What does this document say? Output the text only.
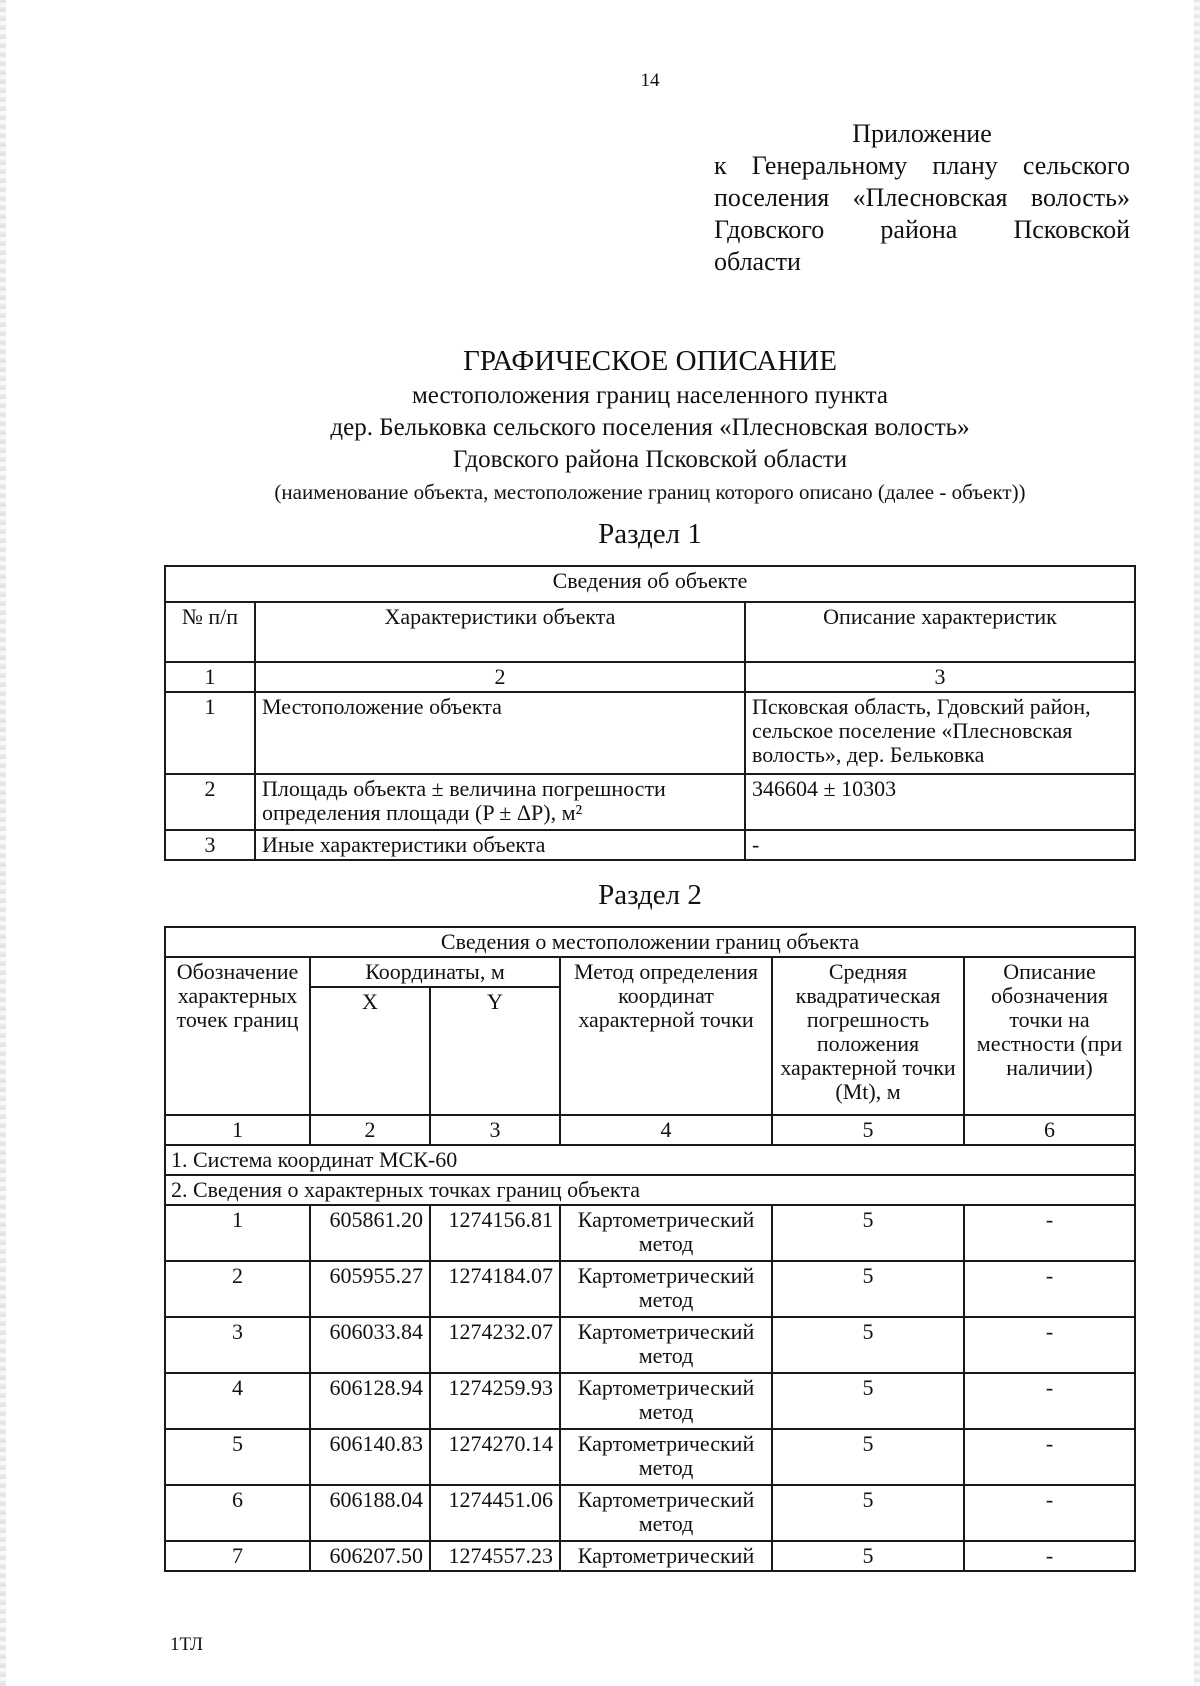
14
Приложение
к Генеральному плану сельского
поселения «Плесновская волость»
Гдовского района Псковской
области
ГРАФИЧЕСКОЕ ОПИСАНИЕ
местоположения границ населенного пункта
дер. Бельковка сельского поселения «Плесновская волость»
Гдовского района Псковской области
(наименование объекта, местоположение границ которого описано (далее - объект))
Раздел 1
Сведения об объекте		
№ п/п	Характеристики объекта	Описание характеристик
1	2	3
1	Местоположение объекта	Псковская область, Гдовский район, сельское поселение «Плесновская волость», дер. Бельковка
2	Площадь объекта ± величина погрешности определения площади (P ± ΔP), м²	346604 ± 10303
3	Иные характеристики объекта	-
Раздел 2
Сведения о местоположении границ объекта					
Обозначение характерных точек границ	Координаты, м		Метод определения координат характерной точки	Средняя квадратическая погрешность положения характерной точки (Mt), м	Описание обозначения точки на местности (при наличии)
	X	Y			
1	2	3	4	5	6
1. Система координат МСК-60					
2. Сведения о характерных точках границ объекта					
1	605861.20	1274156.81	Картометрический метод	5	-
2	605955.27	1274184.07	Картометрический метод	5	-
3	606033.84	1274232.07	Картометрический метод	5	-
4	606128.94	1274259.93	Картометрический метод	5	-
5	606140.83	1274270.14	Картометрический метод	5	-
6	606188.04	1274451.06	Картометрический метод	5	-
7	606207.50	1274557.23	Картометрический	5	-
1ТЛ
